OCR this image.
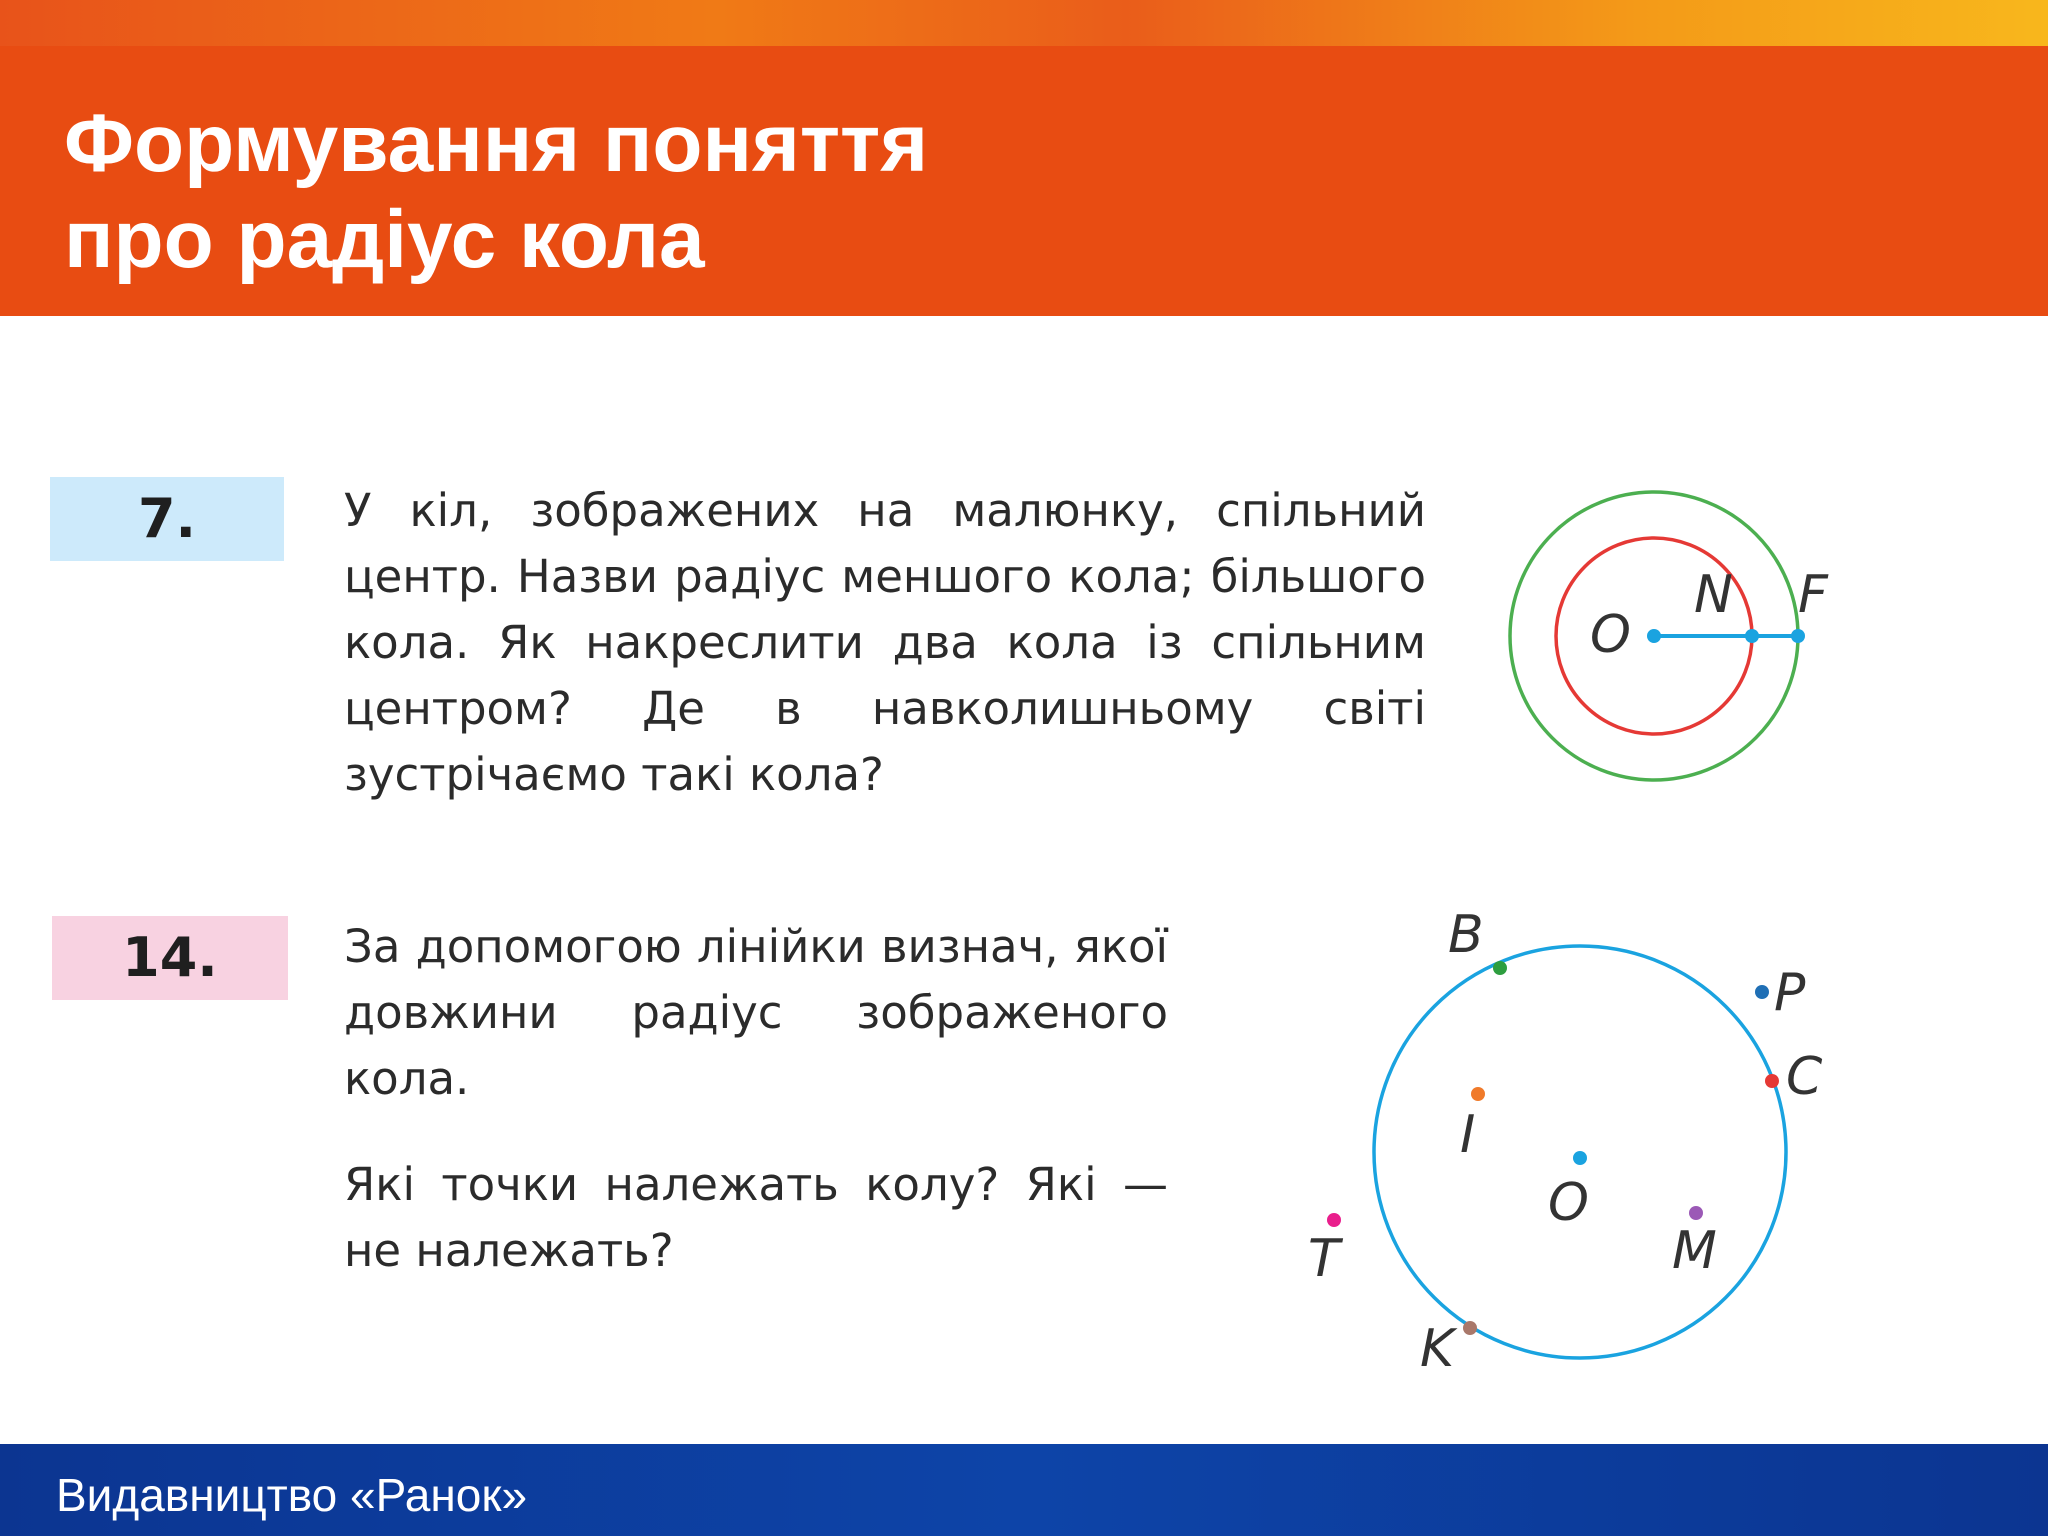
Формування поняття
про радіус кола
7.	У кіл, зображених на малюнку, спільний центр. Назви радіус меншого кола; більшого кола. Як накреслити два кола із спільним центром? Де в навколишньому світі зустрічаємо такі кола?

O
N F
14.	За допомогою лінійки визнач, якої довжини радіус зображеного кола.

Які точки належать колу? Які — не належать?

B
P
C
I
O
M
T
K

Видавництво «Ранок»
